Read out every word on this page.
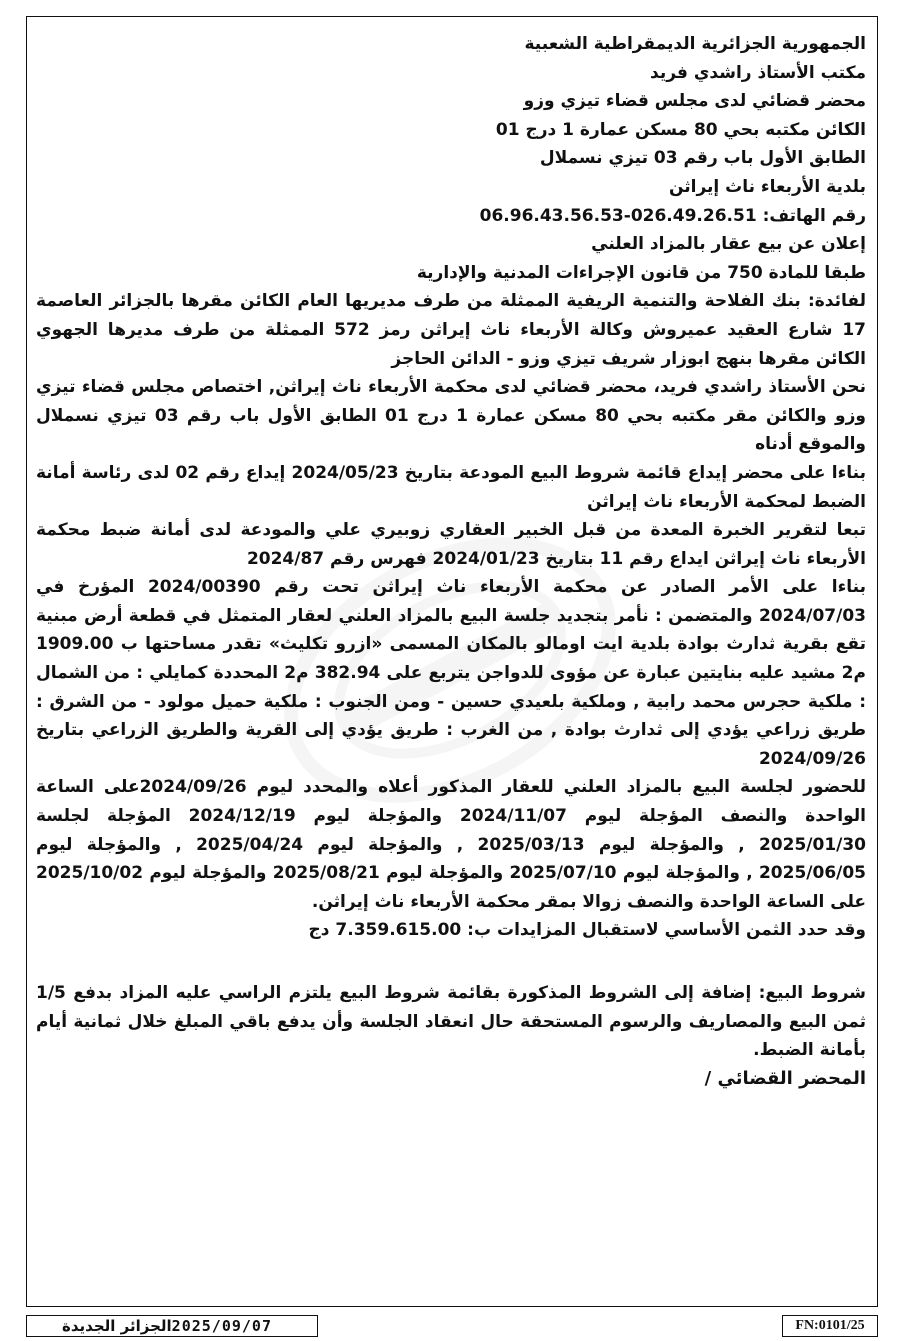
الجمهورية الجزائرية الديمقراطية الشعبية

مكتب الأستاذ راشدي فريد

محضر قضائي لدى مجلس قضاء تيزي وزو

الكائن مكتبه بحي 80 مسكن عمارة 1 درج 01

الطابق الأول باب رقم 03 تيزي نسملال

بلدية الأربعاء ناث إيراثن

رقم الهاتف: 026.49.26.51-06.96.43.56.53

إعلان عن بيع عقار بالمزاد العلني

طبقا للمادة 750 من قانون الإجراءات المدنية والإدارية

لفائدة: بنك الفلاحة والتنمية الريفية الممثلة من طرف مديريها العام الكائن مقرها بالجزائر العاصمة 17 شارع العقيد عميروش وكالة الأربعاء ناث إيراثن رمز 572 الممثلة من طرف مديرها الجهوي الكائن مقرها بنهج ابوزار شريف تيزي وزو - الدائن الحاجز

نحن الأستاذ راشدي فريد، محضر قضائي لدى محكمة الأربعاء ناث إيراثن, اختصاص مجلس قضاء تيزي وزو والكائن مقر مكتبه بحي 80 مسكن عمارة 1 درج 01 الطابق الأول باب رقم 03 تيزي نسملال والموقع أدناه

بناءا على محضر إيداع قائمة شروط البيع المودعة بتاريخ 2024/05/23 إيداع رقم 02 لدى رئاسة أمانة الضبط لمحكمة الأربعاء ناث إيراثن

تبعا لتقرير الخبرة المعدة من قبل الخبير العقاري زوبيري علي والمودعة لدى أمانة ضبط محكمة الأربعاء ناث إيراثن ايداع رقم 11 بتاريخ 2024/01/23 فهرس رقم 2024/87

بناءا على الأمر الصادر عن محكمة الأربعاء ناث إيراثن تحت رقم 2024/00390 المؤرخ في 2024/07/03 والمتضمن : نأمر بتجديد جلسة البيع بالمزاد العلني لعقار المتمثل في قطعة أرض مبنية تقع بقرية ثدارث بوادة بلدية ايت اومالو بالمكان المسمى «ازرو تكليث» تقدر مساحتها ب 1909.00 م2 مشيد عليه بنايتين عبارة عن مؤوى للدواجن يتربع على 382.94 م2 المحددة كمايلي : من الشمال : ملكية حجرس محمد رابية , وملكية بلعيدي حسين - ومن الجنوب : ملكية حميل مولود - من الشرق : طريق زراعي يؤدي إلى ثدارث بوادة , من الغرب : طريق يؤدي إلى القرية والطريق الزراعي بتاريخ 2024/09/26

للحضور لجلسة البيع بالمزاد العلني للعقار المذكور أعلاه والمحدد ليوم 2024/09/26على الساعة الواحدة والنصف المؤجلة ليوم 2024/11/07 والمؤجلة ليوم 2024/12/19 المؤجلة لجلسة 2025/01/30 , والمؤجلة ليوم 2025/03/13 , والمؤجلة ليوم 2025/04/24 , والمؤجلة ليوم 2025/06/05 , والمؤجلة ليوم 2025/07/10 والمؤجلة ليوم 2025/08/21 والمؤجلة ليوم 2025/10/02 على الساعة الواحدة والنصف زوالا بمقر محكمة الأربعاء ناث إيراثن.

وقد حدد الثمن الأساسي لاستقبال المزايدات ب: 7.359.615.00 دج

شروط البيع: إضافة إلى الشروط المذكورة بقائمة شروط البيع يلتزم الراسي عليه المزاد بدفع 1/5 ثمن البيع والمصاريف والرسوم المستحقة حال انعقاد الجلسة وأن يدفع باقي المبلغ خلال ثمانية أيام بأمانة الضبط.

المحضر القضائي /

الجزائر الجديدة 2025/09/07	FN:0101/25
